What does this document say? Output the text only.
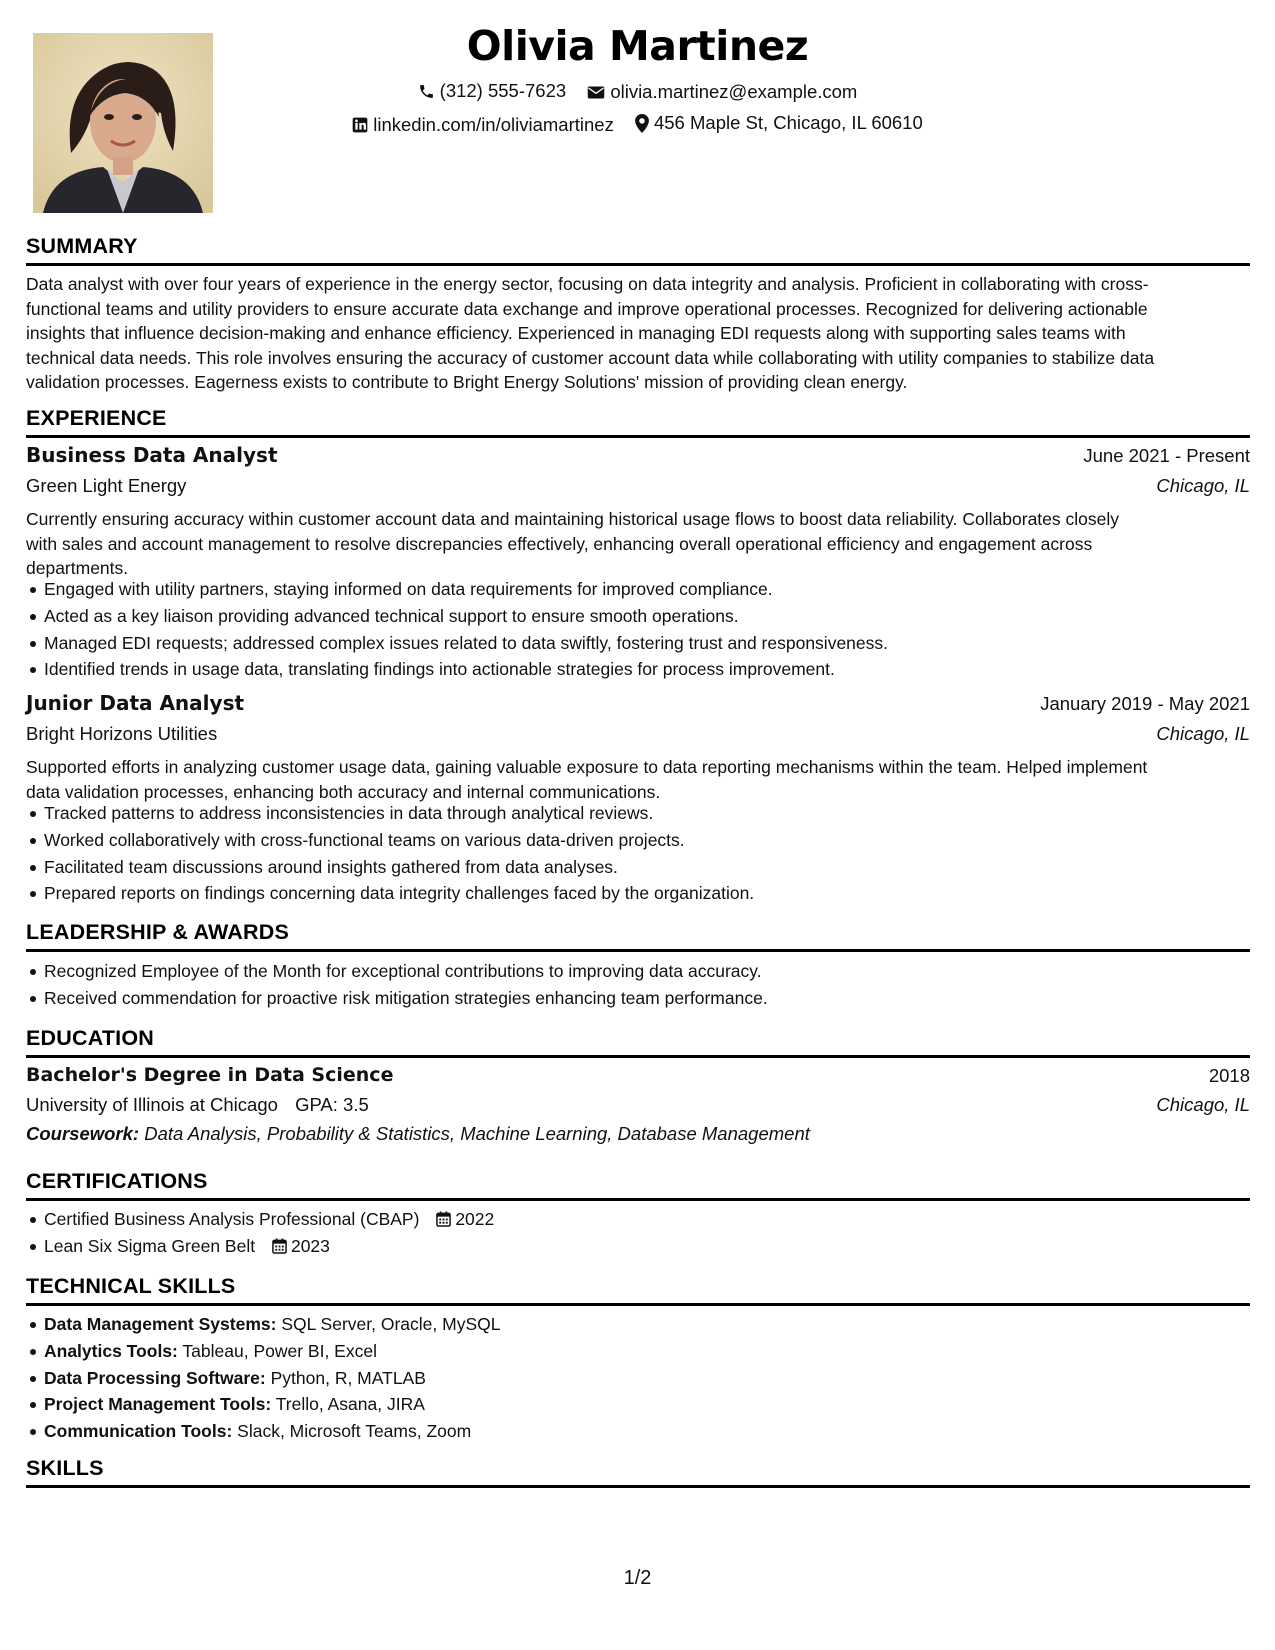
Olivia Martinez
(312) 555-7623
olivia.martinez@example.com
linkedin.com/in/oliviamartinez
456 Maple St, Chicago, IL 60610
SUMMARY
Data analyst with over four years of experience in the energy sector, focusing on data integrity and analysis. Proficient in collaborating with cross-
functional teams and utility providers to ensure accurate data exchange and improve operational processes. Recognized for delivering actionable
insights that influence decision-making and enhance efficiency. Experienced in managing EDI requests along with supporting sales teams with
technical data needs. This role involves ensuring the accuracy of customer account data while collaborating with utility companies to stabilize data
validation processes. Eagerness exists to contribute to Bright Energy Solutions' mission of providing clean energy.
EXPERIENCE
Business Data Analyst	June 2021 - Present
Green Light Energy	Chicago, IL
Currently ensuring accuracy within customer account data and maintaining historical usage flows to boost data reliability. Collaborates closely
with sales and account management to resolve discrepancies effectively, enhancing overall operational efficiency and engagement across
departments.
Engaged with utility partners, staying informed on data requirements for improved compliance.
Acted as a key liaison providing advanced technical support to ensure smooth operations.
Managed EDI requests; addressed complex issues related to data swiftly, fostering trust and responsiveness.
Identified trends in usage data, translating findings into actionable strategies for process improvement.
Junior Data Analyst	January 2019 - May 2021
Bright Horizons Utilities	Chicago, IL
Supported efforts in analyzing customer usage data, gaining valuable exposure to data reporting mechanisms within the team. Helped implement
data validation processes, enhancing both accuracy and internal communications.
Tracked patterns to address inconsistencies in data through analytical reviews.
Worked collaboratively with cross-functional teams on various data-driven projects.
Facilitated team discussions around insights gathered from data analyses.
Prepared reports on findings concerning data integrity challenges faced by the organization.
LEADERSHIP & AWARDS
Recognized Employee of the Month for exceptional contributions to improving data accuracy.
Received commendation for proactive risk mitigation strategies enhancing team performance.
EDUCATION
Bachelor's Degree in Data Science	2018
University of Illinois at Chicago GPA: 3.5	Chicago, IL
Coursework: Data Analysis, Probability & Statistics, Machine Learning, Database Management
CERTIFICATIONS
Certified Business Analysis Professional (CBAP) 2022
Lean Six Sigma Green Belt 2023
TECHNICAL SKILLS
Data Management Systems: SQL Server, Oracle, MySQL
Analytics Tools: Tableau, Power BI, Excel
Data Processing Software: Python, R, MATLAB
Project Management Tools: Trello, Asana, JIRA
Communication Tools: Slack, Microsoft Teams, Zoom
SKILLS
1/2
